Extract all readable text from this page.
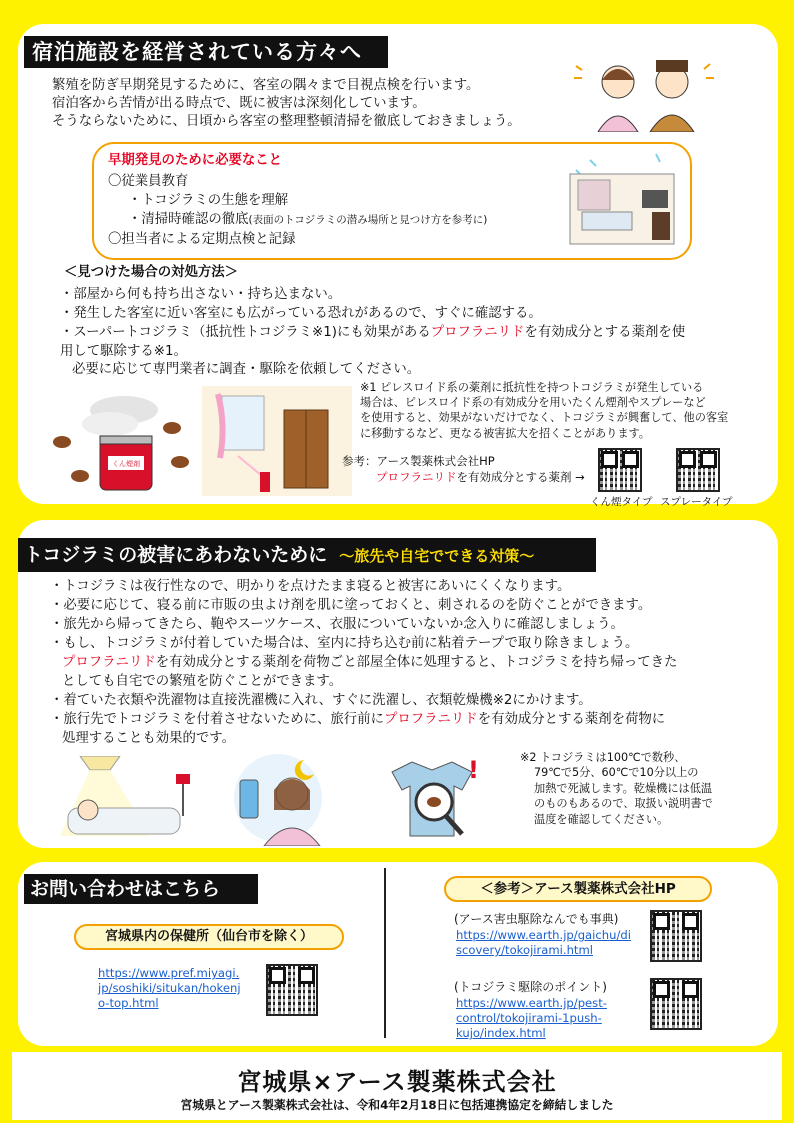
宮城県×アース製薬株式会社
宮城県とアース製薬株式会社は、令和4年2月18日に包括連携協定を締結しました
宿泊施設を経営されている方々へ
繁殖を防ぎ早期発見するために、客室の隅々まで目視点検を行います。
宿泊客から苦情が出る時点で、既に被害は深刻化しています。
そうならないために、日頃から客室の整理整頓清掃を徹底しておきましょう。
早期発見のために必要なこと
〇従業員教育
・トコジラミの生態を理解
・清掃時確認の徹底(表面のトコジラミの潜み場所と見つけ方を参考に)
〇担当者による定期点検と記録
＜見つけた場合の対処方法＞
・部屋から何も持ち出さない・持ち込まない。
・発生した客室に近い客室にも広がっている恐れがあるので、すぐに確認する。
・スーパートコジラミ（抵抗性トコジラミ※1)にも効果があるプロフラニリドを有効成分とする薬剤を使
用して駆除する※1。
必要に応じて専門業者に調査・駆除を依頼してください。
くん煙剤
※1 ピレスロイド系の薬剤に抵抗性を持つトコジラミが発生している
場合は、ピレスロイド系の有効成分を用いたくん煙剤やスプレーなど
を使用すると、効果がないだけでなく、トコジラミが興奮して、他の客室
に移動するなど、更なる被害拡大を招くことがあります。
参考：アース製薬株式会社HP
プロフラニリドを有効成分とする薬剤 →
くん煙タイプ スプレータイプ
トコジラミの被害にあわないために ～旅先や自宅でできる対策～
・トコジラミは夜行性なので、明かりを点けたまま寝ると被害にあいにくくなります。
・必要に応じて、寝る前に市販の虫よけ剤を肌に塗っておくと、刺されるのを防ぐことができます。
・旅先から帰ってきたら、鞄やスーツケース、衣服についていないか念入りに確認しましょう。
・もし、トコジラミが付着していた場合は、室内に持ち込む前に粘着テープで取り除きましょう。
プロフラニリドを有効成分とする薬剤を荷物ごと部屋全体に処理すると、トコジラミを持ち帰ってきた
としても自宅での繁殖を防ぐことができます。
・着ていた衣類や洗濯物は直接洗濯機に入れ、すぐに洗濯し、衣類乾燥機※2にかけます。
・旅行先でトコジラミを付着させないために、旅行前にプロフラニリドを有効成分とする薬剤を荷物に
処理することも効果的です。
!	※2 トコジラミは100℃で数秒、
79℃で5分、60℃で10分以上の
加熱で死滅します。乾燥機には低温
のものもあるので、取扱い説明書で
温度を確認してください。
お問い合わせはこちら
宮城県内の保健所（仙台市を除く）
https://www.pref.miyagi.
jp/soshiki/situkan/hokenj
o-top.html
＜参考＞アース製薬株式会社HP
(アース害虫駆除なんでも事典)
https://www.earth.jp/gaichu/di
scovery/tokojirami.html
(トコジラミ駆除のポイント)
https://www.earth.jp/pest-
control/tokojirami-1push-
kujo/index.html
